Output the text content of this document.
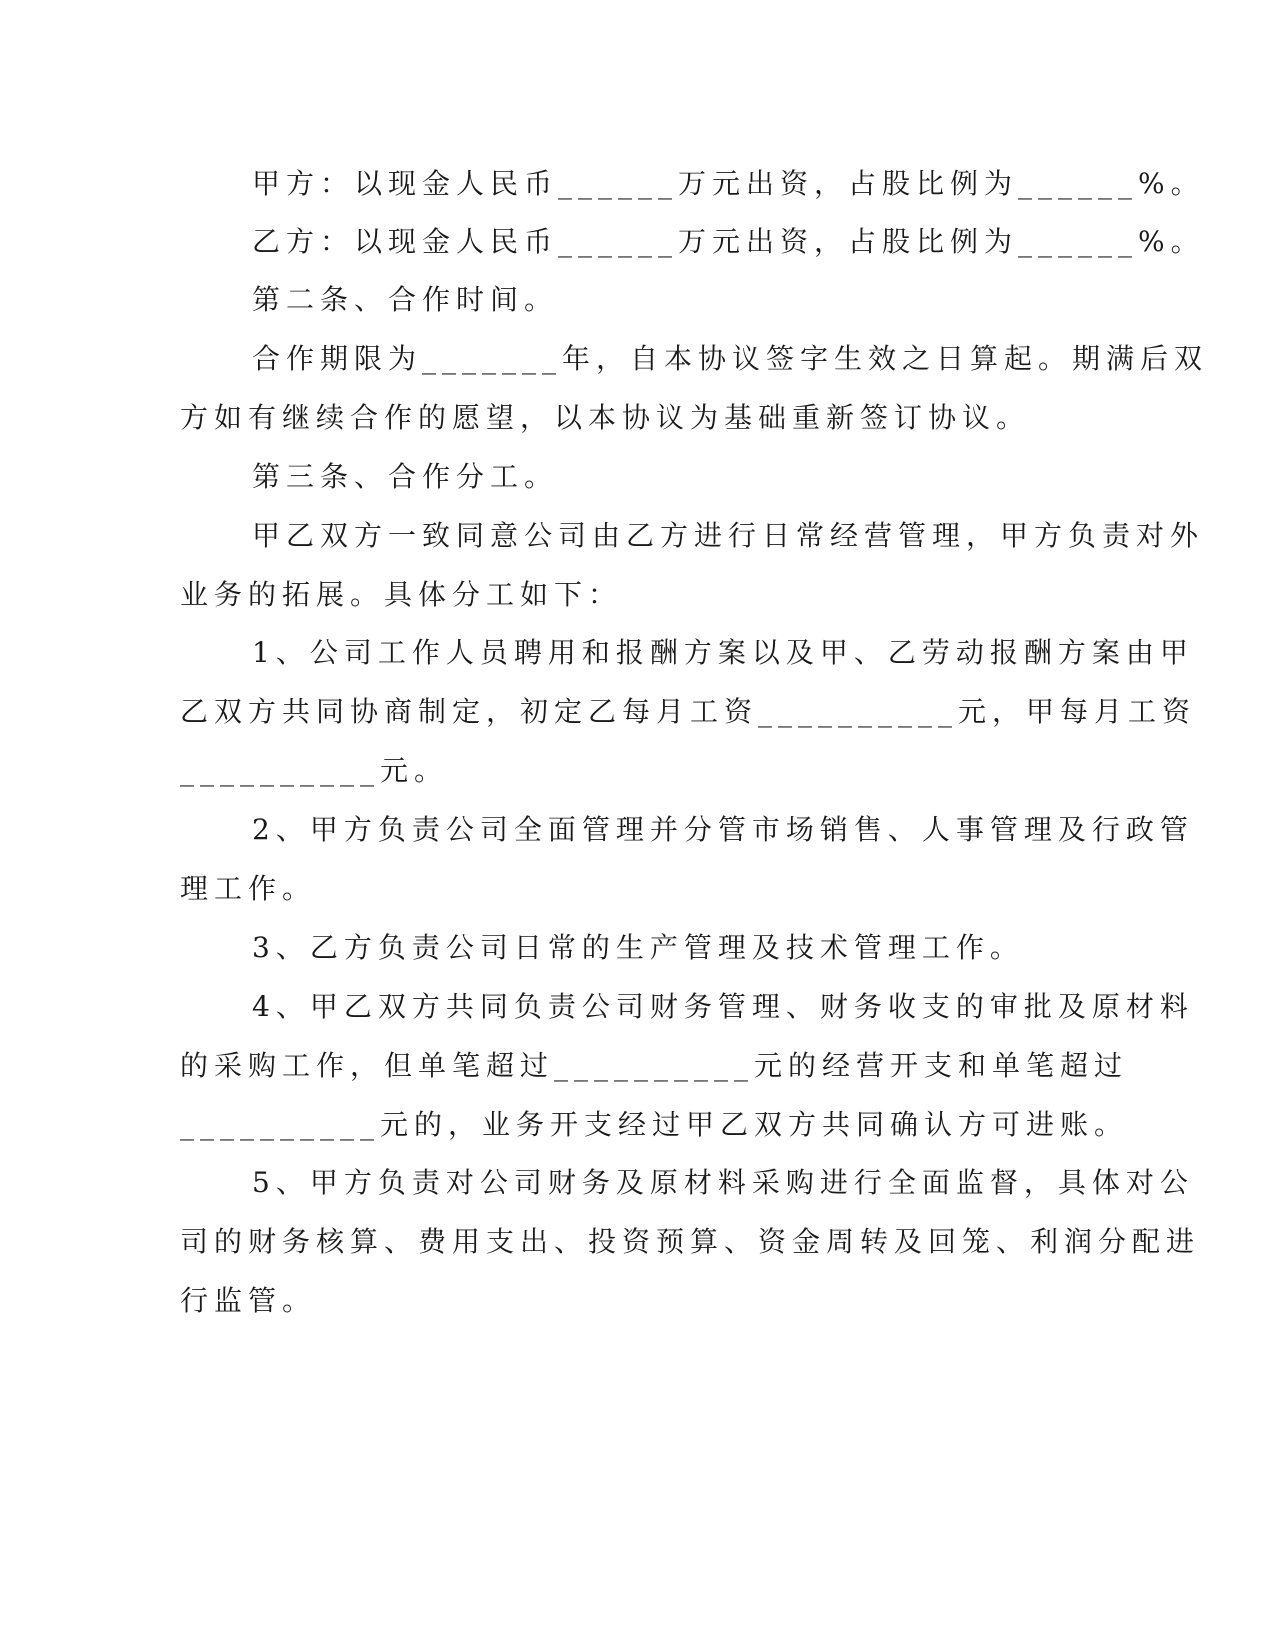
甲方：以现金人民币______万元出资，占股比例为______%。
乙方：以现金人民币______万元出资，占股比例为______%。
第二条、合作时间。
合作期限为_______年，自本协议签字生效之日算起。期满后双
方如有继续合作的愿望，以本协议为基础重新签订协议。
第三条、合作分工。
甲乙双方一致同意公司由乙方进行日常经营管理，甲方负责对外
业务的拓展。具体分工如下：
1、公司工作人员聘用和报酬方案以及甲、乙劳动报酬方案由甲
乙双方共同协商制定，初定乙每月工资__________元，甲每月工资
__________元。
2、甲方负责公司全面管理并分管市场销售、人事管理及行政管
理工作。
3、乙方负责公司日常的生产管理及技术管理工作。
4、甲乙双方共同负责公司财务管理、财务收支的审批及原材料
的采购工作，但单笔超过__________元的经营开支和单笔超过
__________元的，业务开支经过甲乙双方共同确认方可进账。
5、甲方负责对公司财务及原材料采购进行全面监督，具体对公
司的财务核算、费用支出、投资预算、资金周转及回笼、利润分配进
行监管。
